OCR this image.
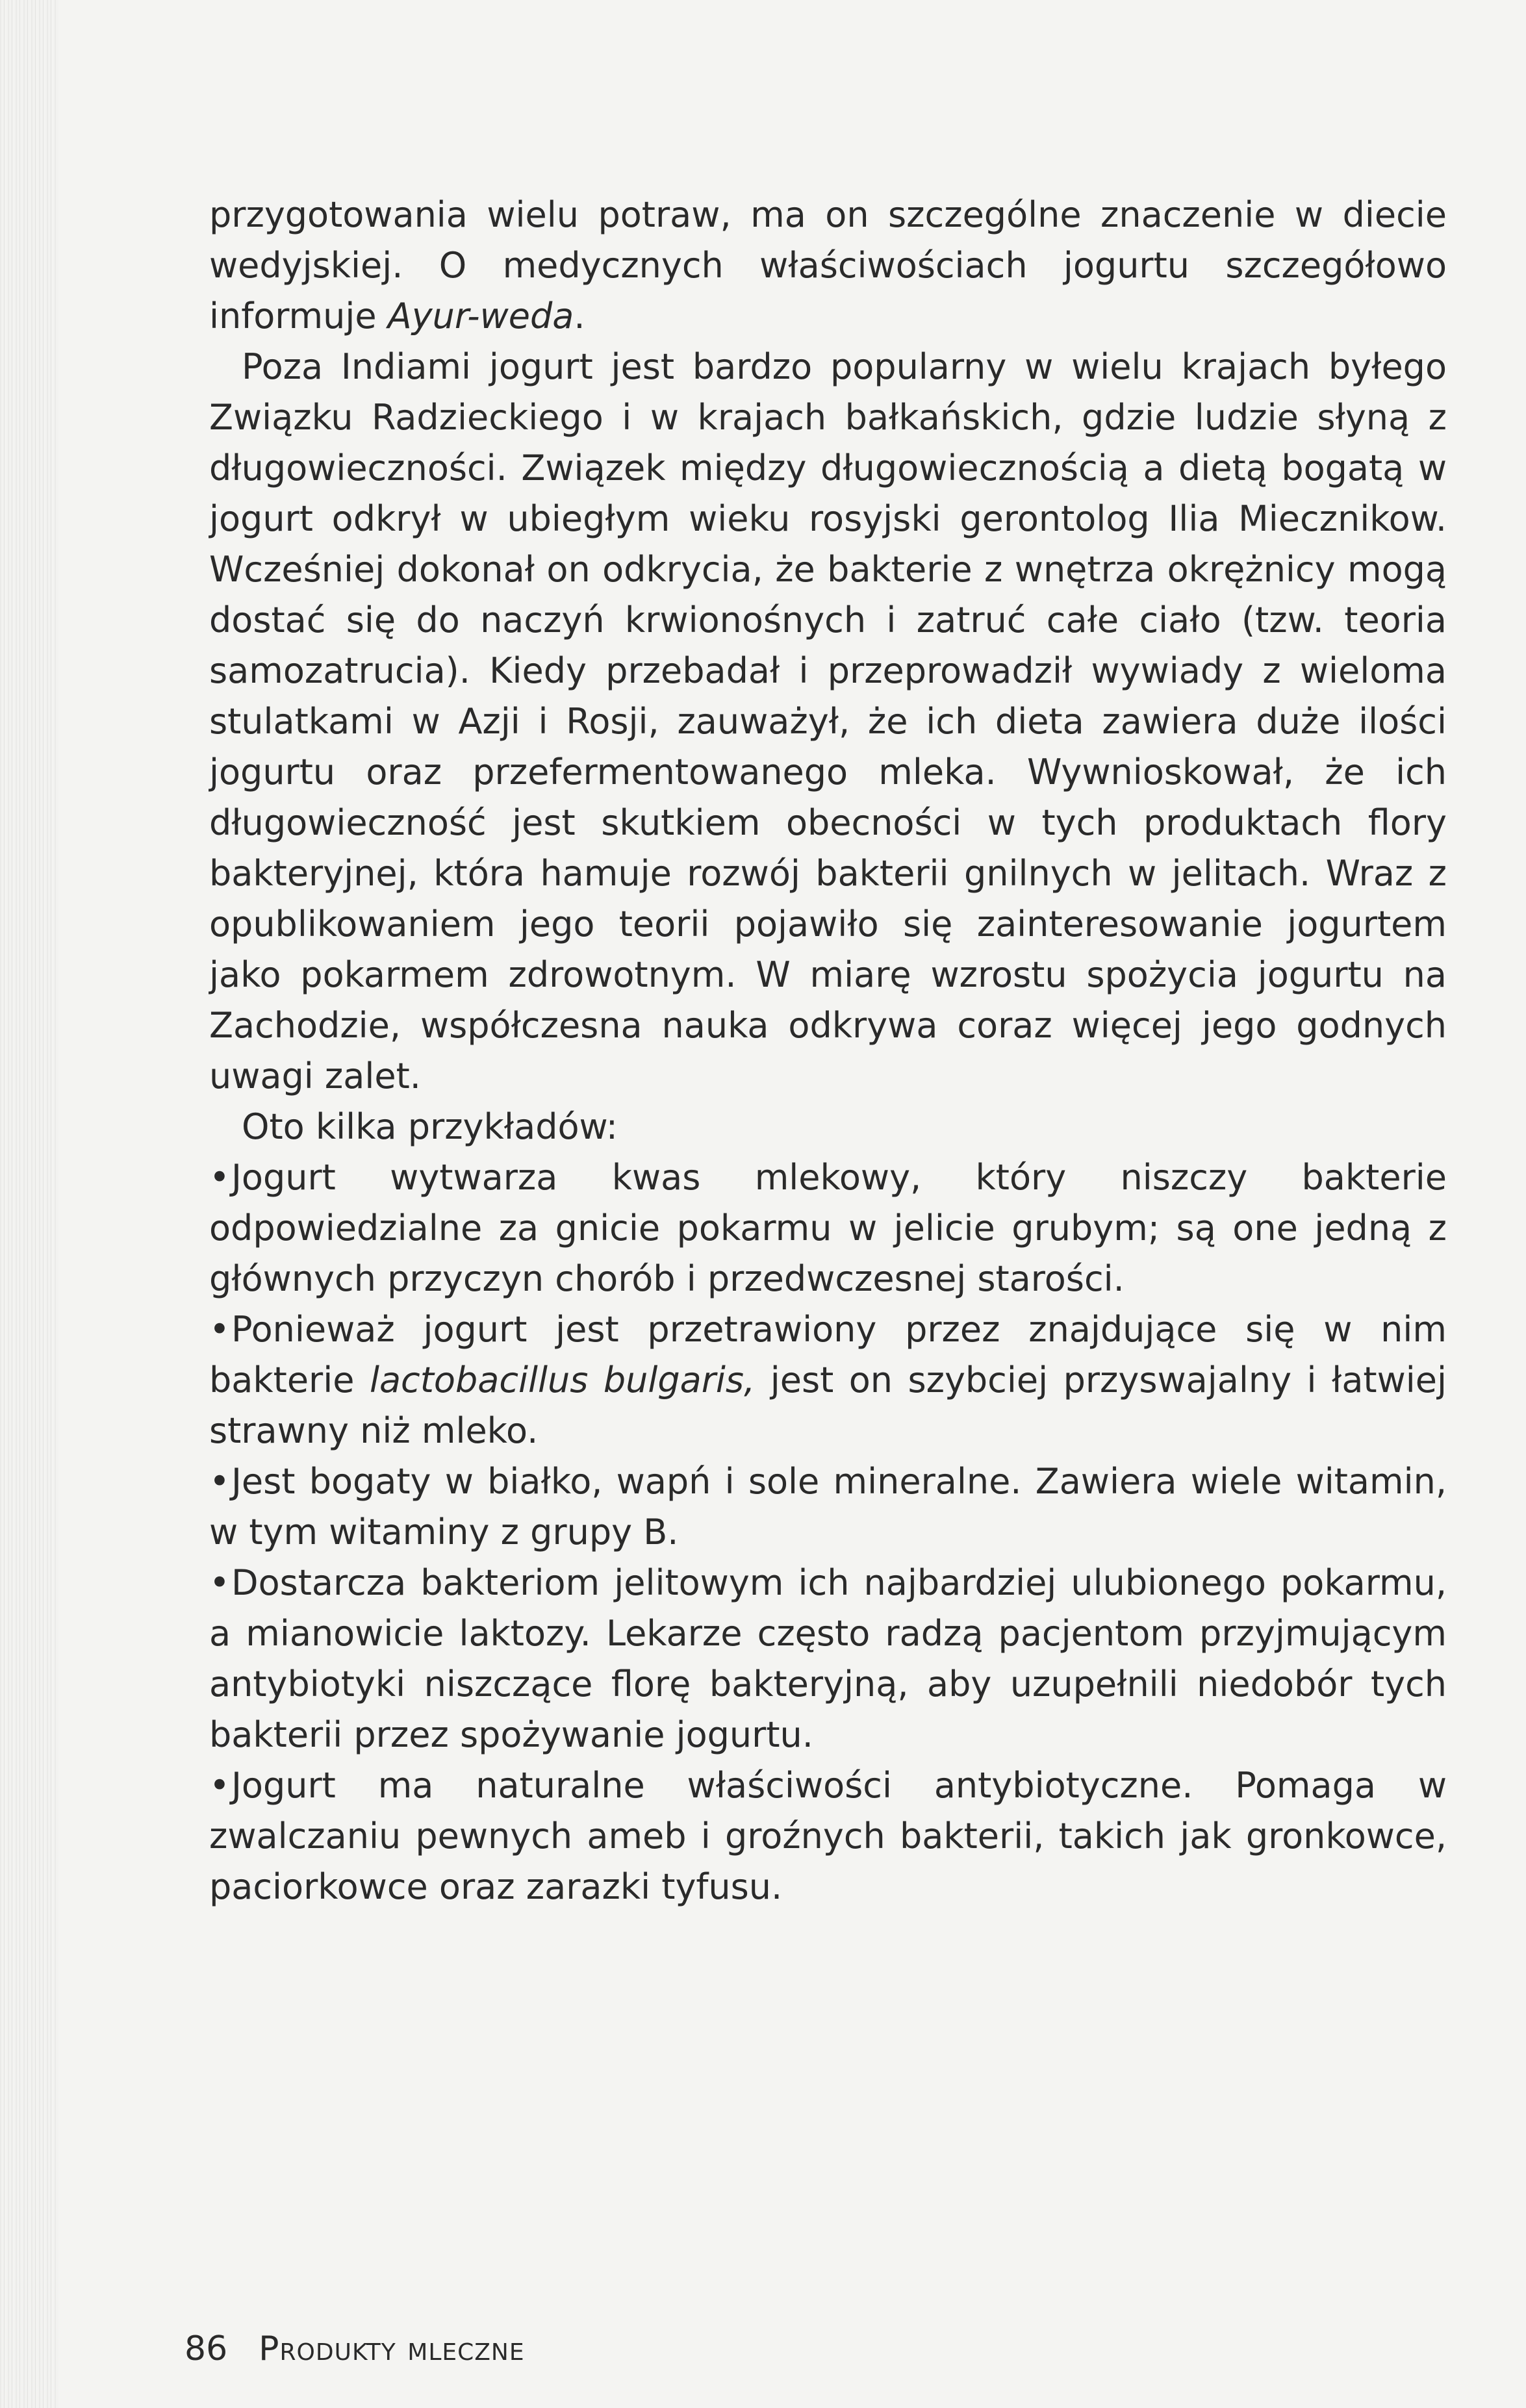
przygotowania wielu potraw, ma on szczególne znaczenie w diecie wedyjskiej. O medycznych właściwościach jogurtu szczegółowo informuje Ayur-weda.

Poza Indiami jogurt jest bardzo popularny w wielu krajach byłego Związku Radzieckiego i w krajach bałkańskich, gdzie ludzie słyną z długowieczności. Związek między długowiecznością a dietą bogatą w jogurt odkrył w ubiegłym wieku rosyjski gerontolog Ilia Miecznikow. Wcześniej dokonał on odkrycia, że bakterie z wnętrza okrężnicy mogą dostać się do naczyń krwionośnych i zatruć całe ciało (tzw. teoria samozatrucia). Kiedy przebadał i przeprowadził wywiady z wieloma stulatkami w Azji i Rosji, zauważył, że ich dieta zawiera duże ilości jogurtu oraz przefermentowanego mleka. Wywnioskował, że ich długowieczność jest skutkiem obecności w tych produktach flory bakteryjnej, która hamuje rozwój bakterii gnilnych w jelitach. Wraz z opublikowaniem jego teorii pojawiło się zainteresowanie jogurtem jako pokarmem zdrowotnym. W miarę wzrostu spożycia jogurtu na Zachodzie, współczesna nauka odkrywa coraz więcej jego godnych uwagi zalet.

Oto kilka przykładów:

•Jogurt wytwarza kwas mlekowy, który niszczy bakterie odpowiedzialne za gnicie pokarmu w jelicie grubym; są one jedną z głównych przyczyn chorób i przedwczesnej starości.

•Ponieważ jogurt jest przetrawiony przez znajdujące się w nim bakterie lactobacillus bulgaris, jest on szybciej przyswajalny i łatwiej strawny niż mleko.

•Jest bogaty w białko, wapń i sole mineralne. Zawiera wiele witamin, w tym witaminy z grupy B.

•Dostarcza bakteriom jelitowym ich najbardziej ulubionego pokarmu, a mianowicie laktozy. Lekarze często radzą pacjentom przyjmującym antybiotyki niszczące florę bakteryjną, aby uzupełnili niedobór tych bakterii przez spożywanie jogurtu.

•Jogurt ma naturalne właściwości antybiotyczne. Pomaga w zwalczaniu pewnych ameb i groźnych bakterii, takich jak gronkowce, paciorkowce oraz zarazki tyfusu.

86 Produkty mleczne
